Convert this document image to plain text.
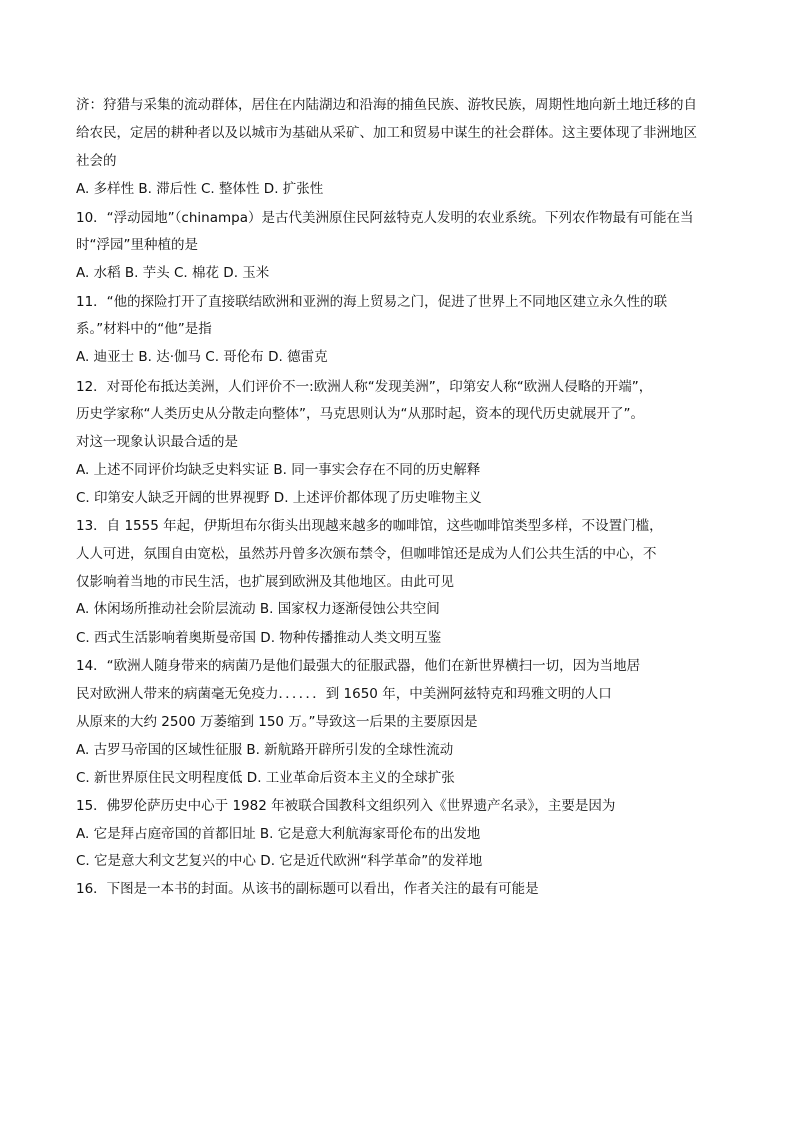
济：狩猎与采集的流动群体，居住在内陆湖边和沿海的捕鱼民族、游牧民族，周期性地向新土地迁移的自
给农民，定居的耕种者以及以城市为基础从采矿、加工和贸易中谋生的社会群体。这主要体现了非洲地区
社会的
A. 多样性 B. 滞后性 C. 整体性 D. 扩张性
10．“浮动园地”（chinampa）是古代美洲原住民阿兹特克人发明的农业系统。下列农作物最有可能在当
时“浮园”里种植的是
A. 水稻 B. 芋头 C. 棉花 D. 玉米
11．“他的探险打开了直接联结欧洲和亚洲的海上贸易之门，促进了世界上不同地区建立永久性的联
系。”材料中的“他”是指
A. 迪亚士 B. 达·伽马 C. 哥伦布 D. 德雷克
12．对哥伦布抵达美洲，人们评价不一:欧洲人称“发现美洲”，印第安人称“欧洲人侵略的开端”，
历史学家称“人类历史从分散走向整体”，马克思则认为“从那时起，资本的现代历史就展开了”。
对这一现象认识最合适的是
A. 上述不同评价均缺乏史料实证 B. 同一事实会存在不同的历史解释
C. 印第安人缺乏开阔的世界视野 D. 上述评价都体现了历史唯物主义
13．自 1555 年起，伊斯坦布尔街头出现越来越多的咖啡馆，这些咖啡馆类型多样，不设置门槛，
人人可进，氛围自由宽松，虽然苏丹曾多次颁布禁令，但咖啡馆还是成为人们公共生活的中心，不
仅影响着当地的市民生活，也扩展到欧洲及其他地区。由此可见
A. 休闲场所推动社会阶层流动 B. 国家权力逐渐侵蚀公共空间
C. 西式生活影响着奥斯曼帝国 D. 物种传播推动人类文明互鉴
14．“欧洲人随身带来的病菌乃是他们最强大的征服武器，他们在新世界横扫一切，因为当地居
民对欧洲人带来的病菌毫无免疫力．．．．．．到 1650 年，中美洲阿兹特克和玛雅文明的人口
从原来的大约 2500 万萎缩到 150 万。”导致这一后果的主要原因是
A. 古罗马帝国的区域性征服 B. 新航路开辟所引发的全球性流动
C. 新世界原住民文明程度低 D. 工业革命后资本主义的全球扩张
15．佛罗伦萨历史中心于 1982 年被联合国教科文组织列入《世界遗产名录》，主要是因为
A. 它是拜占庭帝国的首都旧址 B. 它是意大利航海家哥伦布的出发地
C. 它是意大利文艺复兴的中心 D. 它是近代欧洲“科学革命”的发祥地
16．下图是一本书的封面。从该书的副标题可以看出，作者关注的最有可能是
